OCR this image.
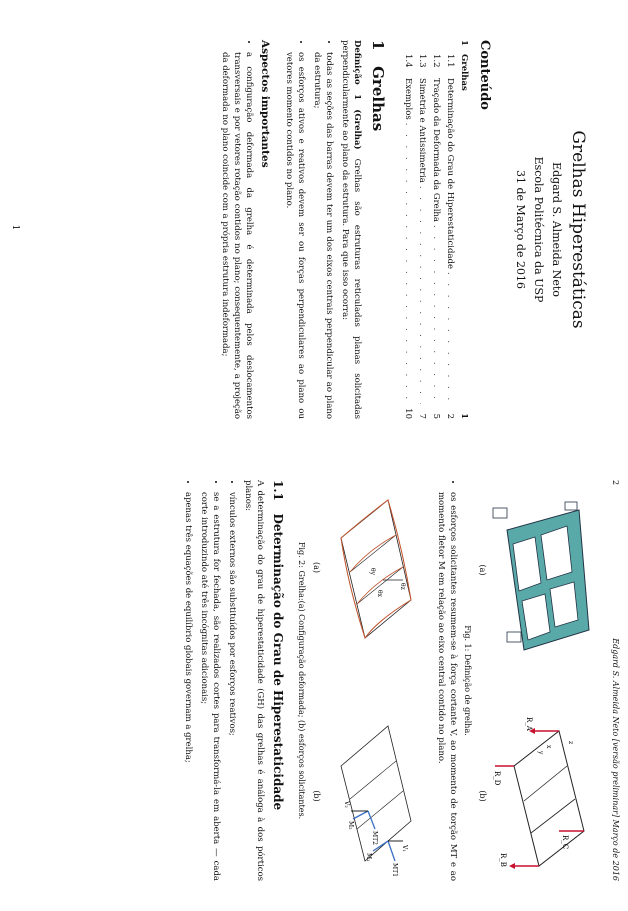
Grelhas Hiperestáticas
Edgard S. Almeida Neto
Escola Politécnica da USP
31 de Março de 2016
Conteúdo
1
Grelhas
1
1.1
Determinação do Grau de Hiperestaticidade
. . .
2
1.2
Traçado da Deformada da Grelha
. . .
5
1.3
Simetria e Antissimetria
. . .
7
1.4
Exemplos
. . .
10
1   Grelhas

Definição 1 (Grelha) Grelhas são estruturas reticuladas planas solicitadas perpendicularmente ao plano da estrutura. Para que isso ocorra:

• todas as seções das barras devem ter um dos eixos centrais perpendicular ao plano da estrutura;
• os esforços ativos e reativos devem ser ou forças perpendiculares ao plano ou vetores momento contidos no plano.
Aspectos importantes
• a configuração deformada da grelha é determinada pelos deslocamentos transversais e por vetores rotação contidos no plano; consequentemente, a projeção da deformada no plano coincide com a própria estrutura indeformada;
1
2
Edgard S. Almeida Neto [versão preliminar] Março de 2016
(a)
R_A
R_B
R_C
R_D
x
y
z
(b)
Fig. 1: Definição de grelha.
• os esforços solicitantes resumem-se à força cortante V, ao momento de torção MT e ao momento fletor M em relação ao eixo central contido no plano.
θz
θx
θy
(a)
V₁
MT1
M₁
V₂
MT2
M₂
(b)
Fig. 2: Grelha:(a) Configuração deformada; (b) esforços solicitantes.
1.1   Determinação do Grau de Hiperestaticidade

A determinação do grau de hiperestaticidade (GH) das grelhas é análoga à dos pórticos planos:

• vínculos externos são substituídos por esforços reativos;
• se a estrutura for fechada, são realizados cortes para transformá-la em aberta — cada corte introduzindo até três incógnitas adicionais;
• apenas três equações de equilíbrio globais governam a grelha;
